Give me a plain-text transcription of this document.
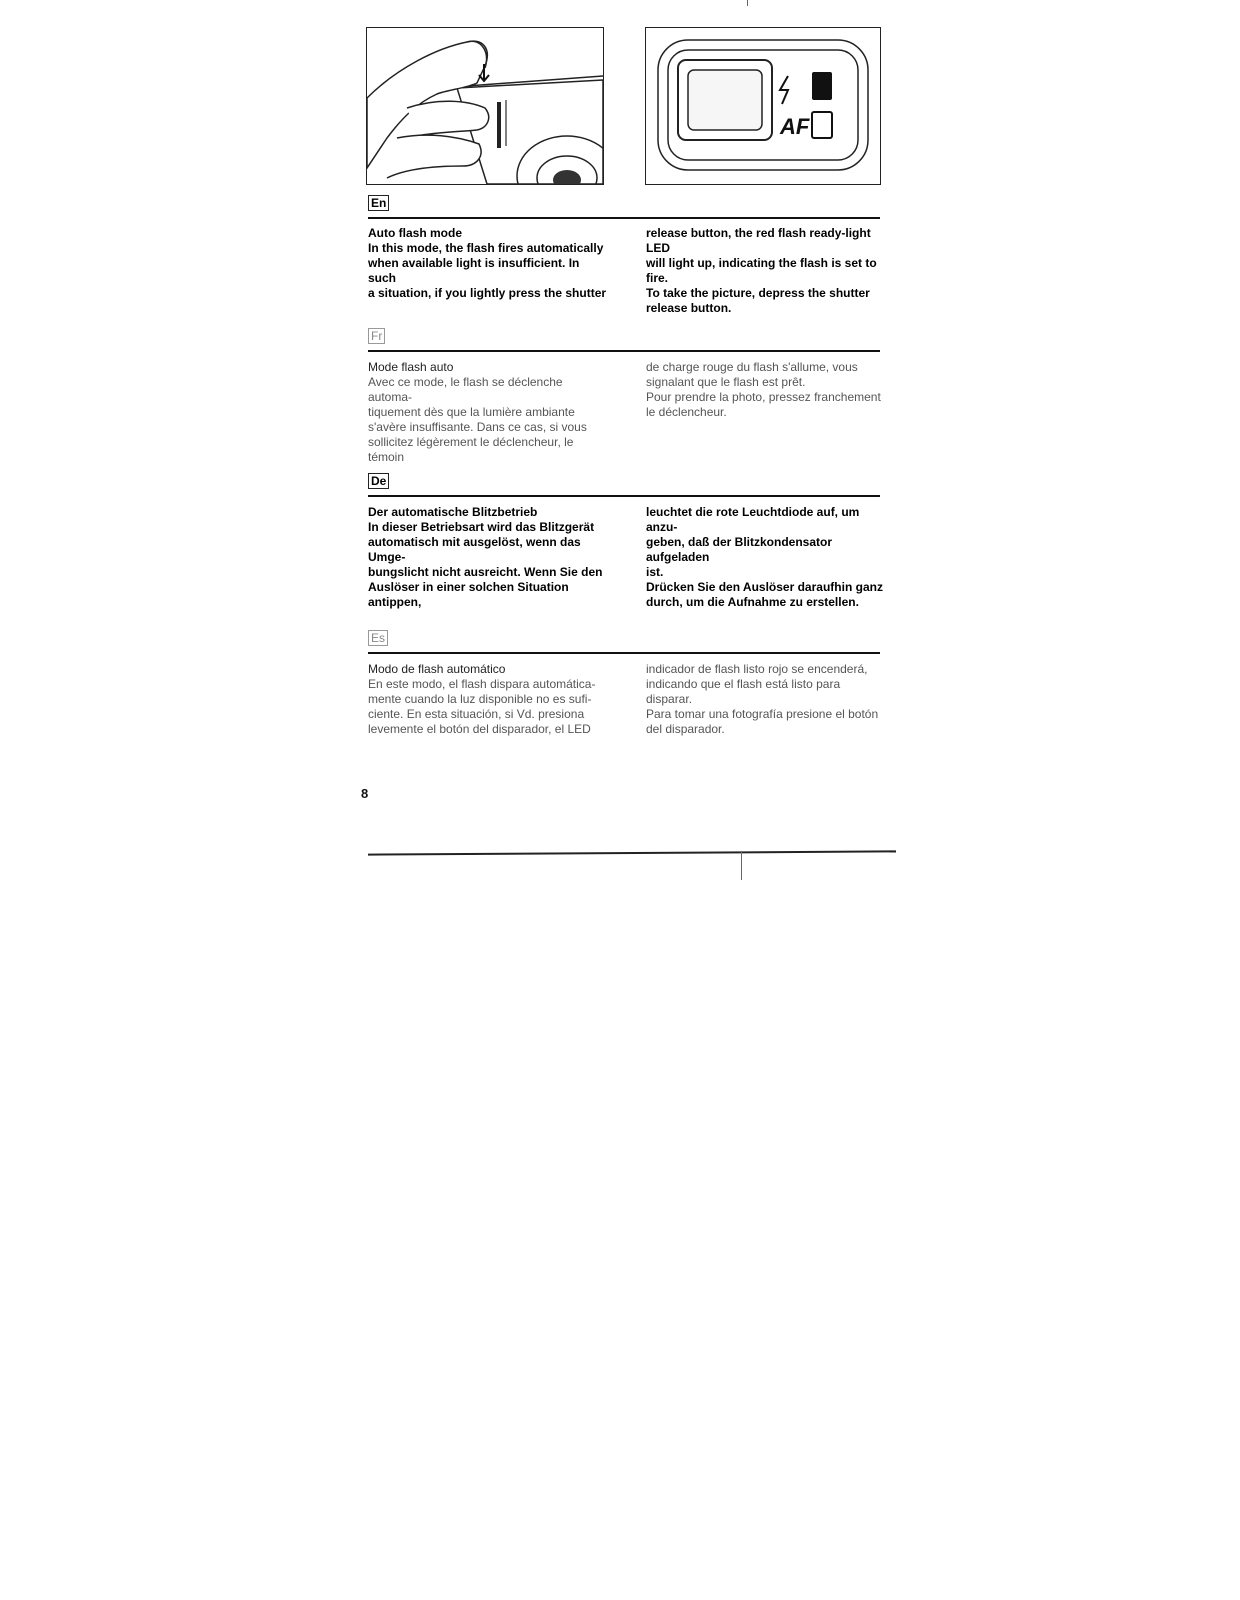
AF
En
Auto flash mode
In this mode, the flash fires automatically
when available light is insufficient. In such
a situation, if you lightly press the shutter
release button, the red flash ready-light LED
will light up, indicating the flash is set to fire.
To take the picture, depress the shutter
release button.
Fr
Mode flash auto
Avec ce mode, le flash se déclenche automa-
tiquement dès que la lumière ambiante
s'avère insuffisante. Dans ce cas, si vous
sollicitez légèrement le déclencheur, le témoin
de charge rouge du flash s'allume, vous
signalant que le flash est prêt.
Pour prendre la photo, pressez franchement
le déclencheur.
De
Der automatische Blitzbetrieb
In dieser Betriebsart wird das Blitzgerät
automatisch mit ausgelöst, wenn das Umge-
bungslicht nicht ausreicht. Wenn Sie den
Auslöser in einer solchen Situation antippen,
leuchtet die rote Leuchtdiode auf, um anzu-
geben, daß der Blitzkondensator aufgeladen
ist.
Drücken Sie den Auslöser daraufhin ganz
durch, um die Aufnahme zu erstellen.
Es
Modo de flash automático
En este modo, el flash dispara automática-
mente cuando la luz disponible no es sufi-
ciente. En esta situación, si Vd. presiona
levemente el botón del disparador, el LED
indicador de flash listo rojo se encenderá,
indicando que el flash está listo para
disparar.
Para tomar una fotografía presione el botón
del disparador.
8
